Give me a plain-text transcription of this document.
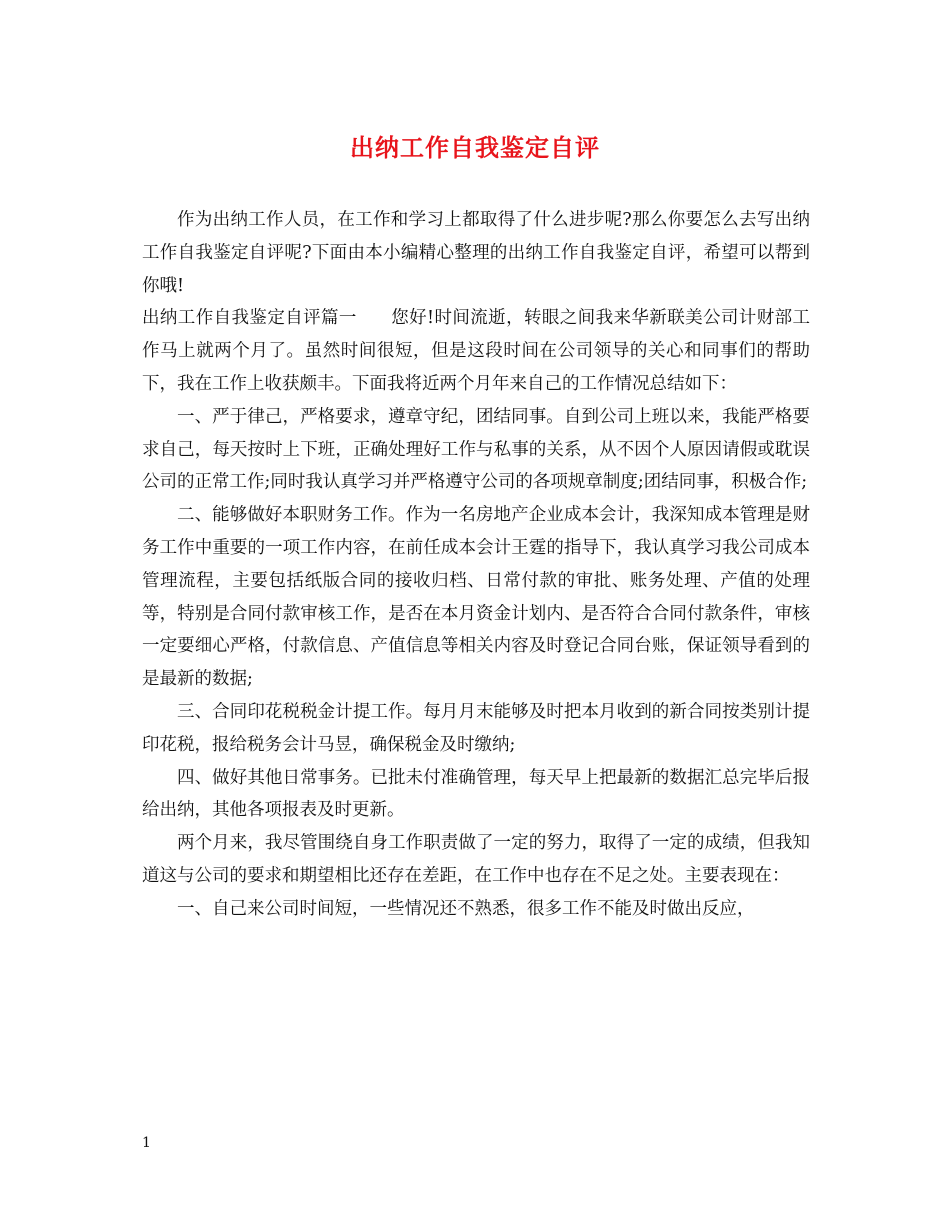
出纳工作自我鉴定自评

作为出纳工作人员，在工作和学习上都取得了什么进步呢?那么你要怎么去写出纳工作自我鉴定自评呢?下面由本小编精心整理的出纳工作自我鉴定自评，希望可以帮到你哦!

出纳工作自我鉴定自评篇一 您好!时间流逝，转眼之间我来华新联美公司计财部工作马上就两个月了。虽然时间很短，但是这段时间在公司领导的关心和同事们的帮助下，我在工作上收获颇丰。下面我将近两个月年来自己的工作情况总结如下：

一、严于律己，严格要求，遵章守纪，团结同事。自到公司上班以来，我能严格要求自己，每天按时上下班，正确处理好工作与私事的关系，从不因个人原因请假或耽误公司的正常工作;同时我认真学习并严格遵守公司的各项规章制度;团结同事，积极合作;

二、能够做好本职财务工作。作为一名房地产企业成本会计，我深知成本管理是财务工作中重要的一项工作内容，在前任成本会计王霆的指导下，我认真学习我公司成本管理流程，主要包括纸版合同的接收归档、日常付款的审批、账务处理、产值的处理等，特别是合同付款审核工作，是否在本月资金计划内、是否符合合同付款条件，审核一定要细心严格，付款信息、产值信息等相关内容及时登记合同台账，保证领导看到的是最新的数据;

三、合同印花税税金计提工作。每月月末能够及时把本月收到的新合同按类别计提印花税，报给税务会计马昱，确保税金及时缴纳;

四、做好其他日常事务。已批未付准确管理，每天早上把最新的数据汇总完毕后报给出纳，其他各项报表及时更新。

两个月来，我尽管围绕自身工作职责做了一定的努力，取得了一定的成绩，但我知道这与公司的要求和期望相比还存在差距，在工作中也存在不足之处。主要表现在：

一、自己来公司时间短，一些情况还不熟悉，很多工作不能及时做出反应，

1
